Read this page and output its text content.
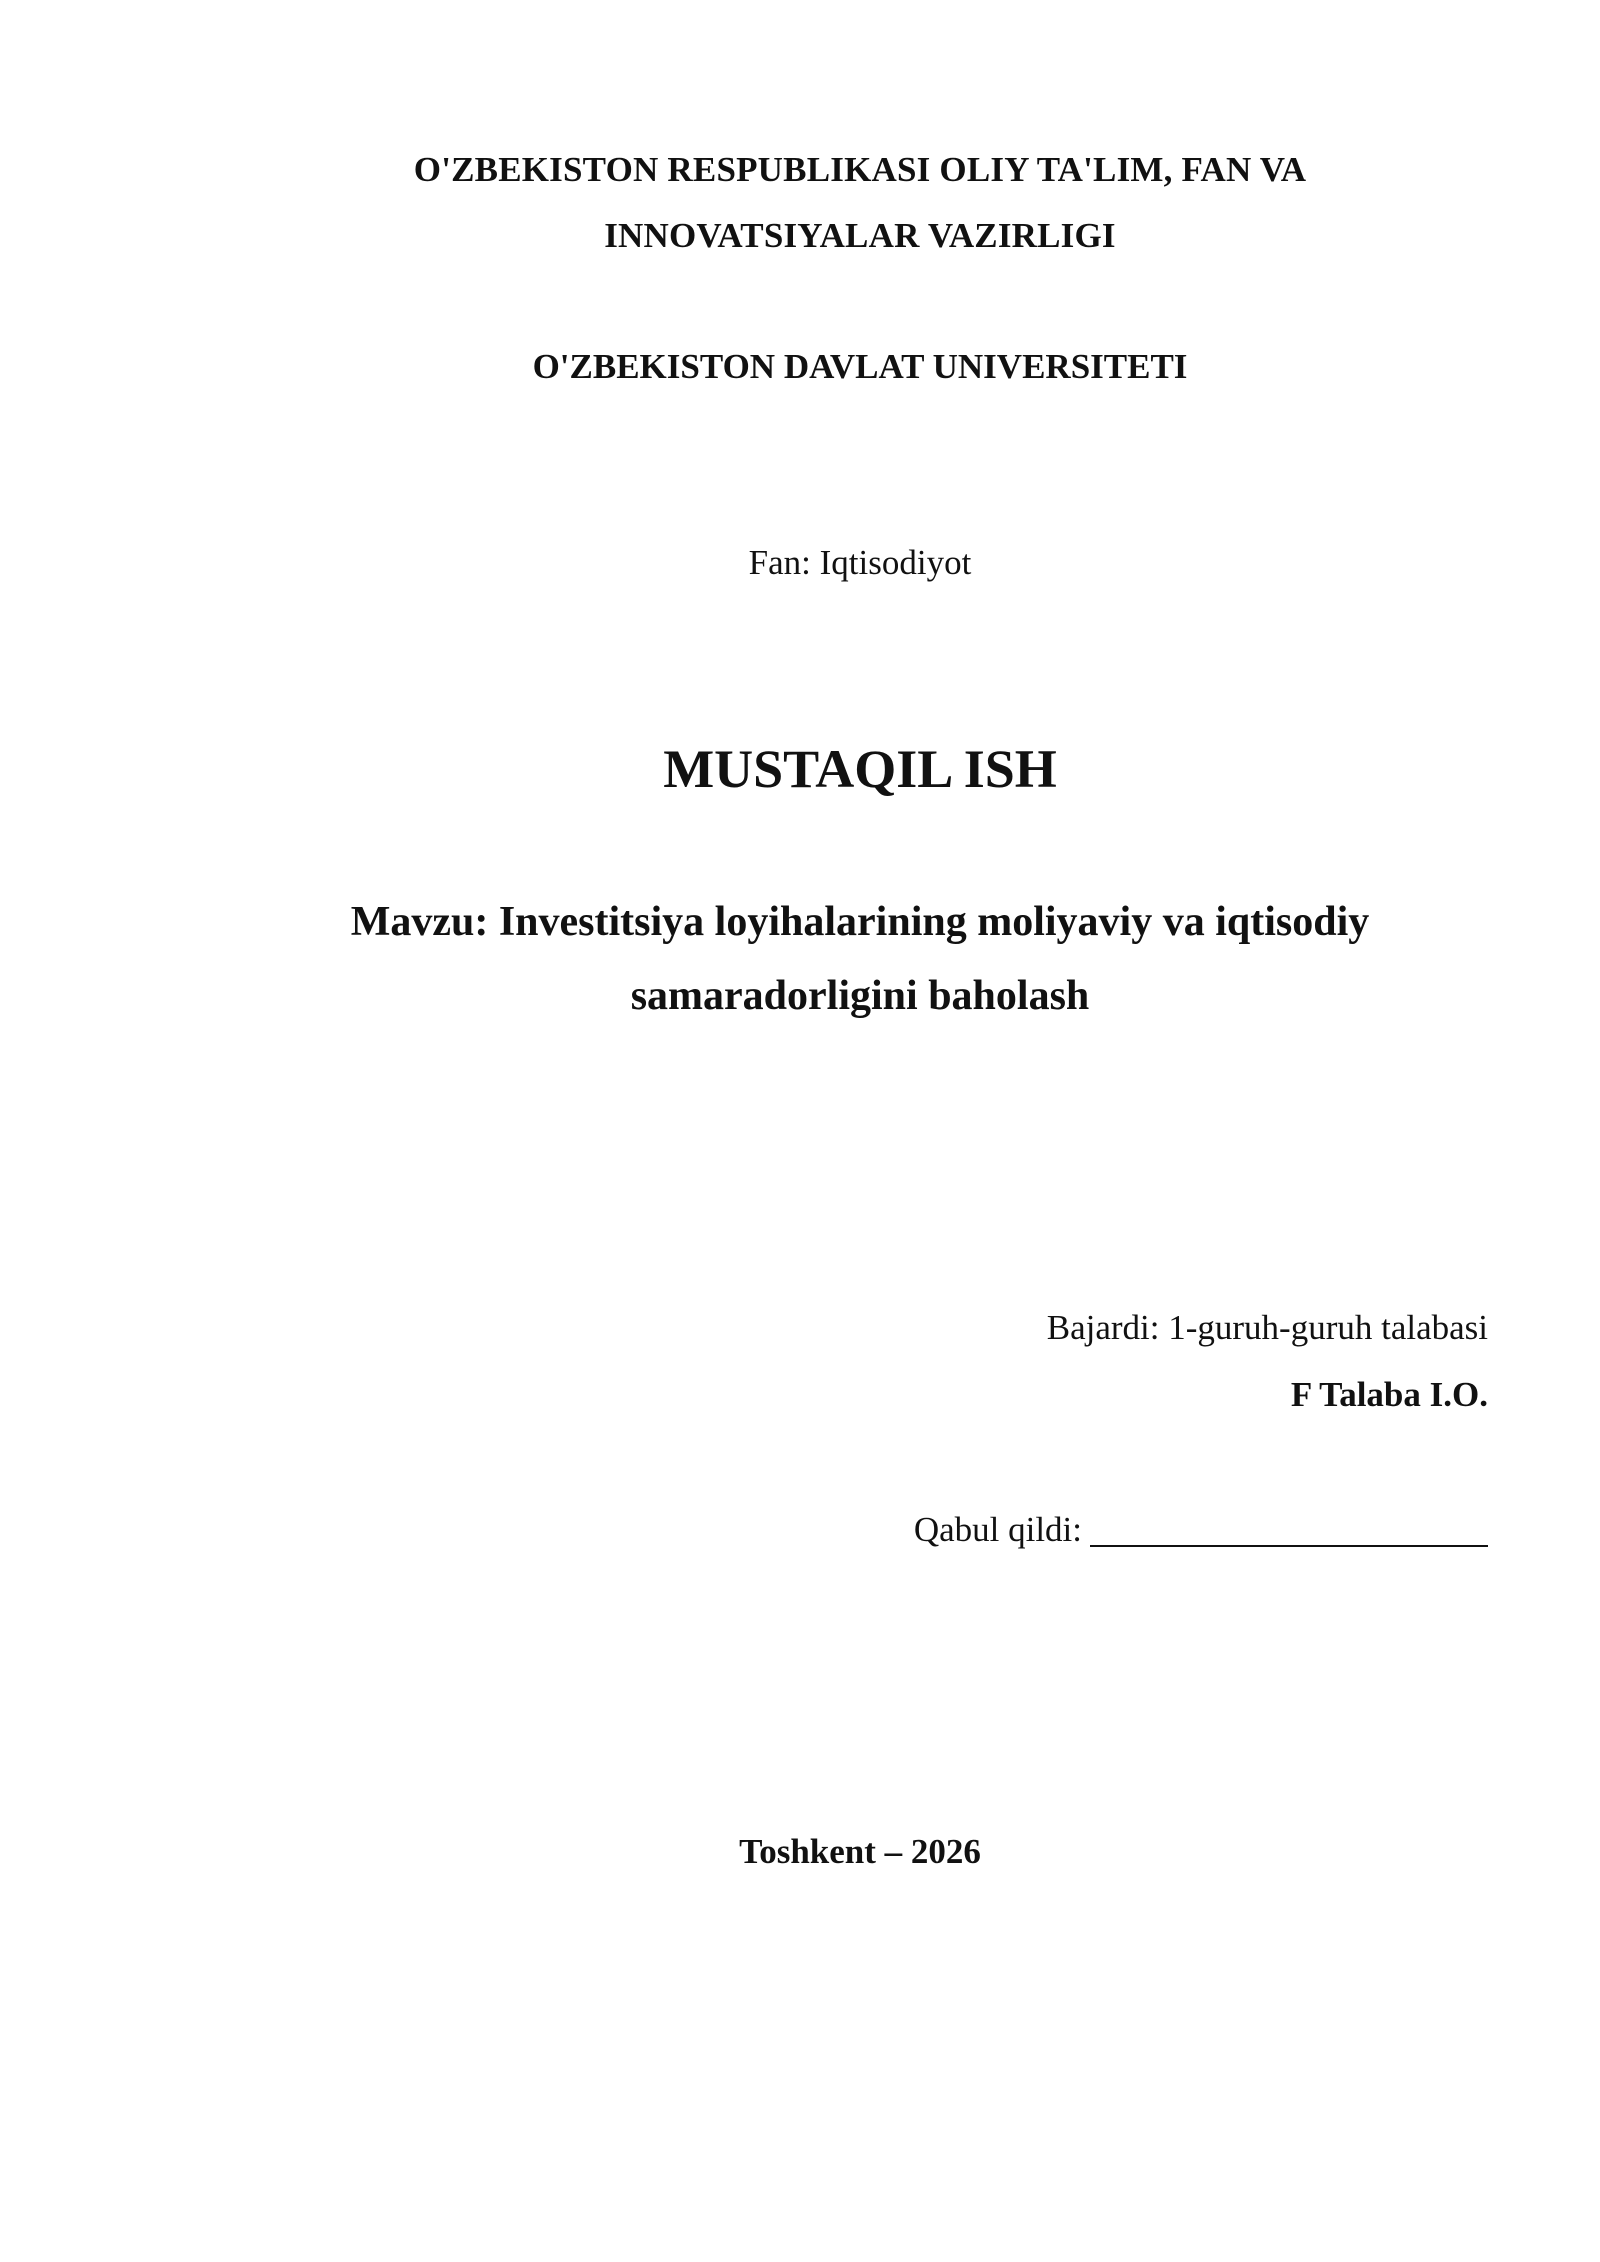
O'ZBEKISTON RESPUBLIKASI OLIY TA'LIM, FAN VA

INNOVATSIYALAR VAZIRLIGI

O'ZBEKISTON DAVLAT UNIVERSITETI

Fan: Iqtisodiyot

MUSTAQIL ISH

Mavzu: Investitsiya loyihalarining moliyaviy va iqtisodiy

samaradorligini baholash

Bajardi: 1-guruh-guruh talabasi

F Talaba I.O.

Qabul qildi:

Toshkent – 2026
